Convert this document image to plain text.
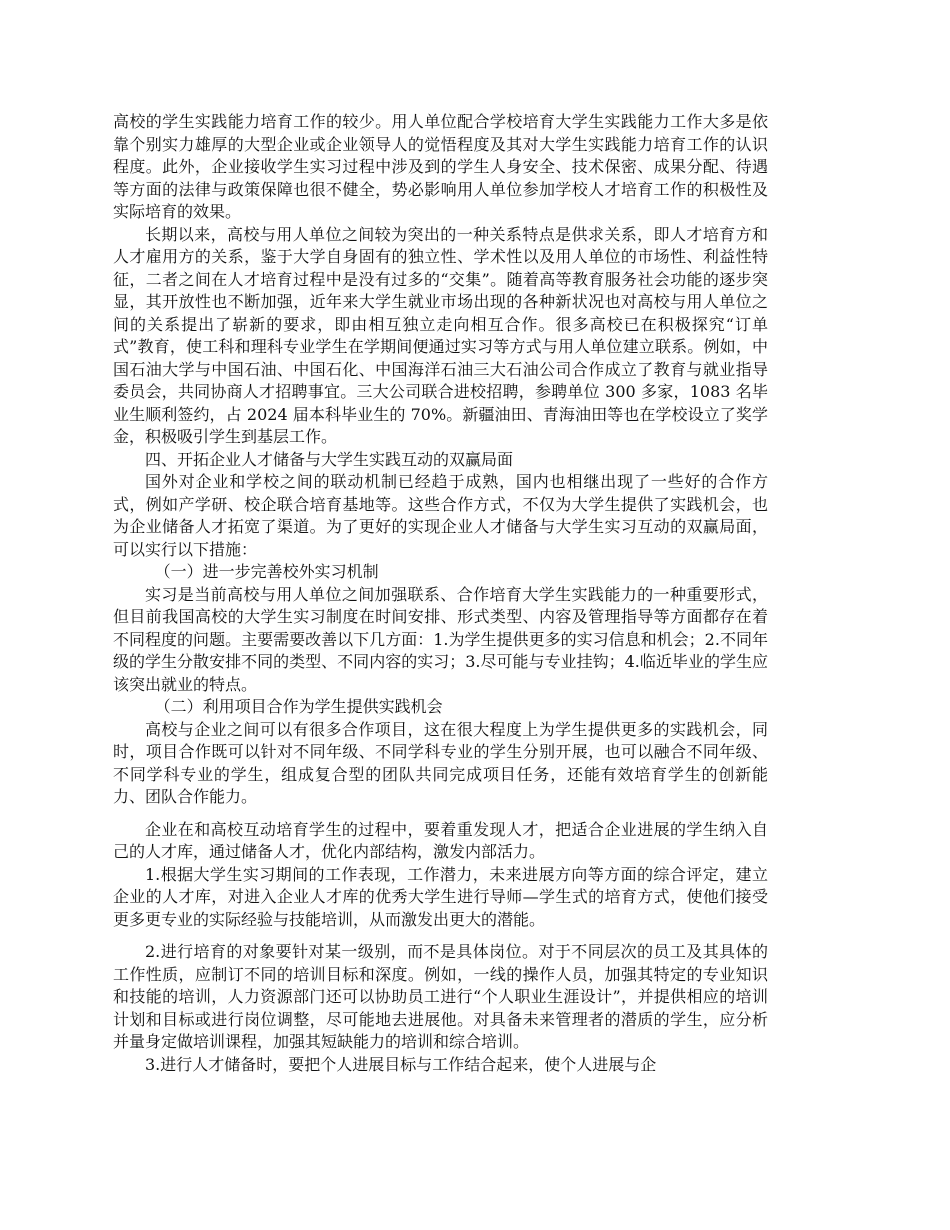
高校的学生实践能力培育工作的较少。用人单位配合学校培育大学生实践能力工作大多是依靠个别实力雄厚的大型企业或企业领导人的觉悟程度及其对大学生实践能力培育工作的认识程度。此外，企业接收学生实习过程中涉及到的学生人身安全、技术保密、成果分配、待遇等方面的法律与政策保障也很不健全，势必影响用人单位参加学校人才培育工作的积极性及实际培育的效果。

长期以来，高校与用人单位之间较为突出的一种关系特点是供求关系，即人才培育方和人才雇用方的关系，鉴于大学自身固有的独立性、学术性以及用人单位的市场性、利益性特征，二者之间在人才培育过程中是没有过多的“交集”。随着高等教育服务社会功能的逐步突显，其开放性也不断加强，近年来大学生就业市场出现的各种新状况也对高校与用人单位之间的关系提出了崭新的要求，即由相互独立走向相互合作。很多高校已在积极探究“订单式”教育，使工科和理科专业学生在学期间便通过实习等方式与用人单位建立联系。例如，中国石油大学与中国石油、中国石化、中国海洋石油三大石油公司合作成立了教育与就业指导委员会，共同协商人才招聘事宜。三大公司联合进校招聘，参聘单位 300 多家，1083 名毕业生顺利签约，占 2024 届本科毕业生的 70%。新疆油田、青海油田等也在学校设立了奖学金，积极吸引学生到基层工作。

四、开拓企业人才储备与大学生实践互动的双赢局面

国外对企业和学校之间的联动机制已经趋于成熟，国内也相继出现了一些好的合作方式，例如产学研、校企联合培育基地等。这些合作方式，不仅为大学生提供了实践机会，也为企业储备人才拓宽了渠道。为了更好的实现企业人才储备与大学生实习互动的双赢局面，可以实行以下措施：

（一）进一步完善校外实习机制

实习是当前高校与用人单位之间加强联系、合作培育大学生实践能力的一种重要形式，但目前我国高校的大学生实习制度在时间安排、形式类型、内容及管理指导等方面都存在着不同程度的问题。主要需要改善以下几方面：1.为学生提供更多的实习信息和机会；2.不同年级的学生分散安排不同的类型、不同内容的实习；3.尽可能与专业挂钩；4.临近毕业的学生应该突出就业的特点。

（二）利用项目合作为学生提供实践机会

高校与企业之间可以有很多合作项目，这在很大程度上为学生提供更多的实践机会，同时，项目合作既可以针对不同年级、不同学科专业的学生分别开展，也可以融合不同年级、不同学科专业的学生，组成复合型的团队共同完成项目任务，还能有效培育学生的创新能力、团队合作能力。

企业在和高校互动培育学生的过程中，要着重发现人才，把适合企业进展的学生纳入自己的人才库，通过储备人才，优化内部结构，激发内部活力。

1.根据大学生实习期间的工作表现，工作潜力，未来进展方向等方面的综合评定，建立企业的人才库，对进入企业人才库的优秀大学生进行导师—学生式的培育方式，使他们接受更多更专业的实际经验与技能培训，从而激发出更大的潜能。

2.进行培育的对象要针对某一级别，而不是具体岗位。对于不同层次的员工及其具体的工作性质，应制订不同的培训目标和深度。例如，一线的操作人员，加强其特定的专业知识和技能的培训，人力资源部门还可以协助员工进行“个人职业生涯设计”，并提供相应的培训计划和目标或进行岗位调整，尽可能地去进展他。对具备未来管理者的潜质的学生，应分析并量身定做培训课程，加强其短缺能力的培训和综合培训。

3.进行人才储备时，要把个人进展目标与工作结合起来，使个人进展与企
